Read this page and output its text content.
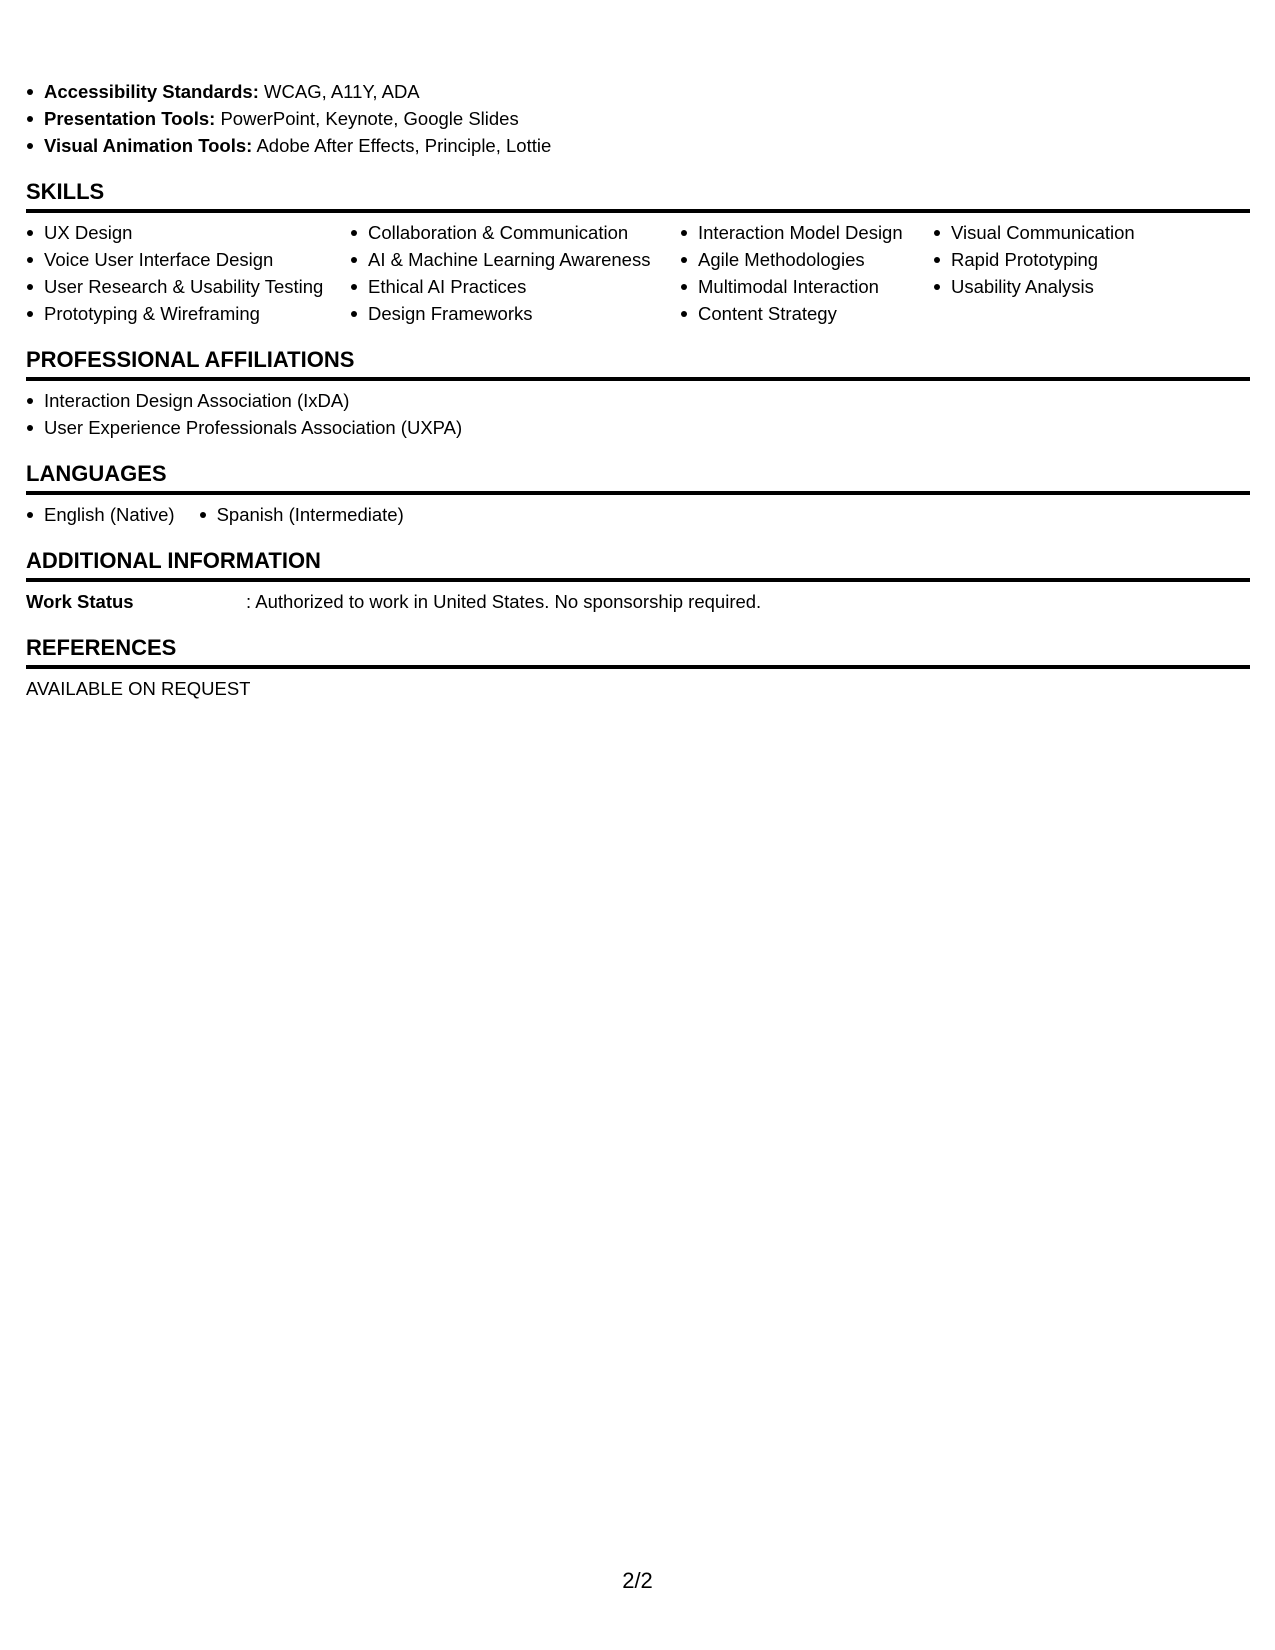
Accessibility Standards: WCAG, A11Y, ADA
Presentation Tools: PowerPoint, Keynote, Google Slides
Visual Animation Tools: Adobe After Effects, Principle, Lottie
SKILLS
UX Design
Voice User Interface Design
User Research & Usability Testing
Prototyping & Wireframing
Collaboration & Communication
AI & Machine Learning Awareness
Ethical AI Practices
Design Frameworks
Interaction Model Design
Agile Methodologies
Multimodal Interaction
Content Strategy
Visual Communication
Rapid Prototyping
Usability Analysis
PROFESSIONAL AFFILIATIONS
Interaction Design Association (IxDA)
User Experience Professionals Association (UXPA)
LANGUAGES
English (Native)	Spanish (Intermediate)
ADDITIONAL INFORMATION
Work Status	: Authorized to work in United States. No sponsorship required.
REFERENCES
AVAILABLE ON REQUEST
2/2
